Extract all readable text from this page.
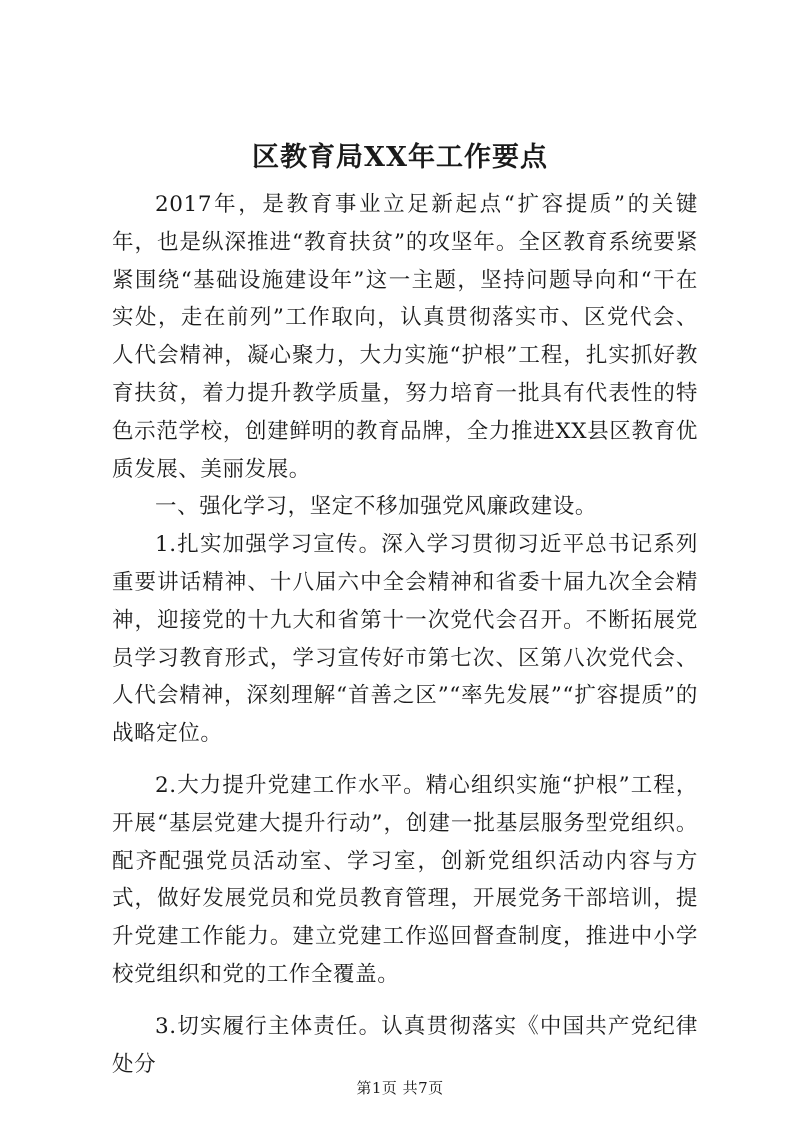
区教育局XX年工作要点

2017年，是教育事业立足新起点“扩容提质”的关键年，也是纵深推进“教育扶贫”的攻坚年。全区教育系统要紧紧围绕“基础设施建设年”这一主题，坚持问题导向和“干在实处，走在前列”工作取向，认真贯彻落实市、区党代会、人代会精神，凝心聚力，大力实施“护根”工程，扎实抓好教育扶贫，着力提升教学质量，努力培育一批具有代表性的特色示范学校，创建鲜明的教育品牌，全力推进XX县区教育优质发展、美丽发展。

一、强化学习，坚定不移加强党风廉政建设。

1.扎实加强学习宣传。深入学习贯彻习近平总书记系列重要讲话精神、十八届六中全会精神和省委十届九次全会精神，迎接党的十九大和省第十一次党代会召开。不断拓展党员学习教育形式，学习宣传好市第七次、区第八次党代会、人代会精神，深刻理解“首善之区”“率先发展”“扩容提质”的战略定位。

2.大力提升党建工作水平。精心组织实施“护根”工程，开展“基层党建大提升行动”，创建一批基层服务型党组织。配齐配强党员活动室、学习室，创新党组织活动内容与方式，做好发展党员和党员教育管理，开展党务干部培训，提升党建工作能力。建立党建工作巡回督查制度，推进中小学校党组织和党的工作全覆盖。

3.切实履行主体责任。认真贯彻落实《中国共产党纪律处分

第1页 共7页
